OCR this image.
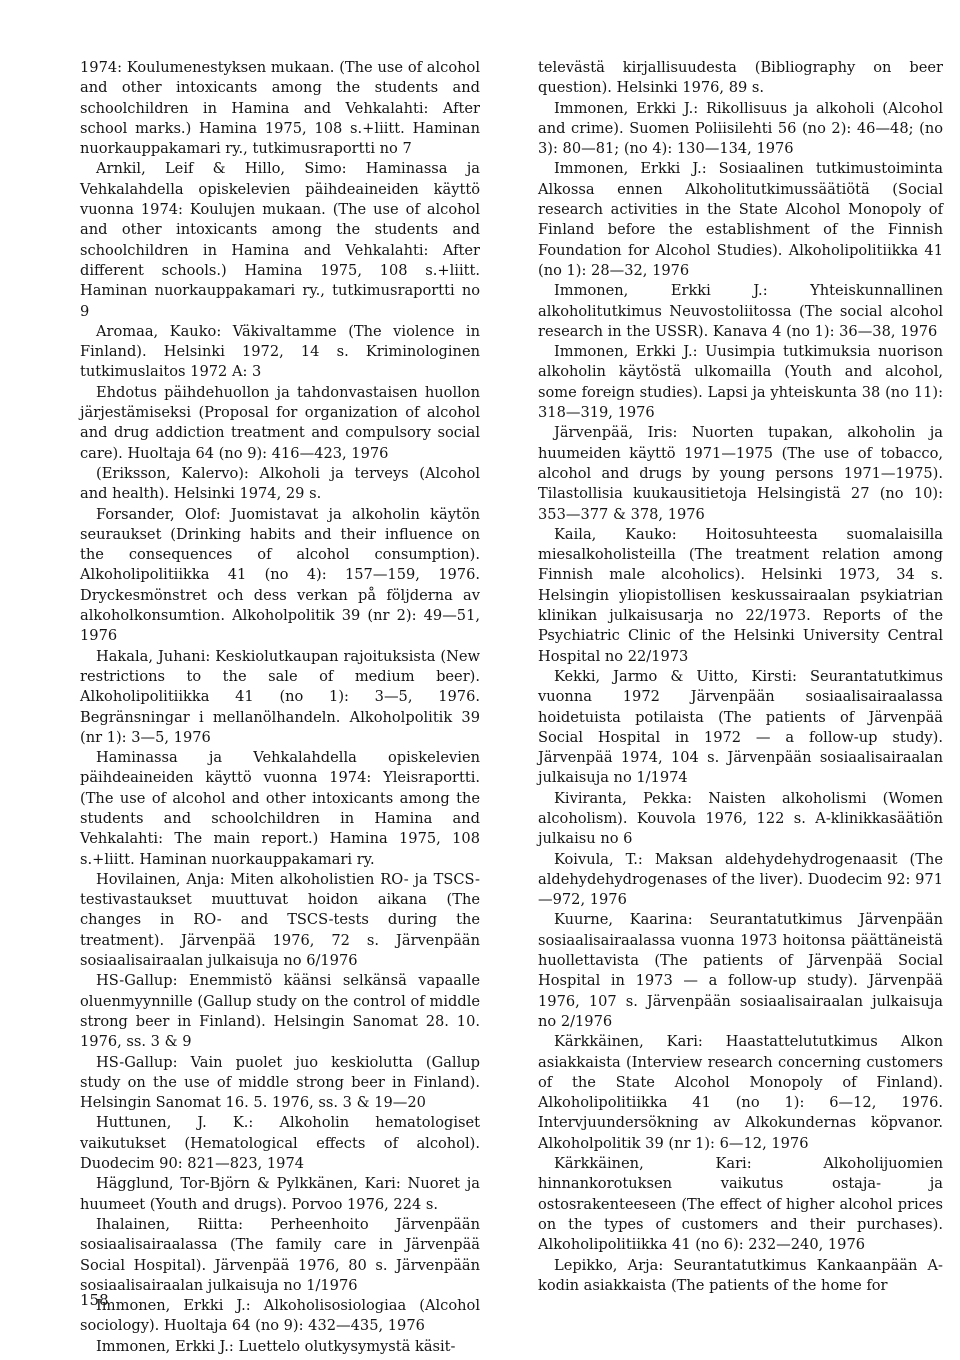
1974: Koulumenestyksen mukaan. (The use of alcohol and other intoxicants among the students and schoolchildren in Hamina and Vehkalahti: After school marks.) Hamina 1975, 108 s.+liitt. Haminan nuorkauppakamari ry., tutkimusraportti no 7

Arnkil, Leif & Hillo, Simo: Haminassa ja Vehkalahdella opiskelevien päihdeaineiden käyttö vuonna 1974: Koulujen mukaan. (The use of alcohol and other intoxicants among the students and schoolchildren in Hamina and Vehkalahti: After different schools.) Hamina 1975, 108 s.+liitt. Haminan nuorkauppakamari ry., tutkimusraportti no 9

Aromaa, Kauko: Väkivaltamme (The violence in Finland). Helsinki 1972, 14 s. Kriminologinen tutkimuslaitos 1972 A: 3

Ehdotus päihdehuollon ja tahdonvastaisen huollon järjestämiseksi (Proposal for organization of alcohol and drug addiction treatment and compulsory social care). Huoltaja 64 (no 9): 416—423, 1976

(Eriksson, Kalervo): Alkoholi ja terveys (Alcohol and health). Helsinki 1974, 29 s.

Forsander, Olof: Juomistavat ja alkoholin käytön seuraukset (Drinking habits and their influence on the consequences of alcohol consumption). Alkoholipolitiikka 41 (no 4): 157—159, 1976. Dryckesmönstret och dess verkan på följderna av alkoholkonsumtion. Alkoholpolitik 39 (nr 2): 49—51, 1976

Hakala, Juhani: Keskiolutkaupan rajoituksista (New restrictions to the sale of medium beer). Alkoholipolitiikka 41 (no 1): 3—5, 1976. Begränsningar i mellanölhandeln. Alkoholpolitik 39 (nr 1): 3—5, 1976

Haminassa ja Vehkalahdella opiskelevien päihdeaineiden käyttö vuonna 1974: Yleisraportti. (The use of alcohol and other intoxicants among the students and schoolchildren in Hamina and Vehkalahti: The main report.) Hamina 1975, 108 s.+liitt. Haminan nuorkauppakamari ry.

Hovilainen, Anja: Miten alkoholistien RO- ja TSCS-testivastaukset muuttuvat hoidon aikana (The changes in RO- and TSCS-tests during the treatment). Järvenpää 1976, 72 s. Järvenpään sosiaalisairaalan julkaisuja no 6/1976

HS-Gallup: Enemmistö käänsi selkänsä vapaalle oluenmyynnille (Gallup study on the control of middle strong beer in Finland). Helsingin Sanomat 28. 10. 1976, ss. 3 & 9

HS-Gallup: Vain puolet juo keskiolutta (Gallup study on the use of middle strong beer in Finland). Helsingin Sanomat 16. 5. 1976, ss. 3 & 19—20

Huttunen, J. K.: Alkoholin hematologiset vaikutukset (Hematological effects of alcohol). Duodecim 90: 821—823, 1974

Hägglund, Tor-Björn & Pylkkänen, Kari: Nuoret ja huumeet (Youth and drugs). Porvoo 1976, 224 s.

Ihalainen, Riitta: Perheenhoito Järvenpään sosiaalisairaalassa (The family care in Järvenpää Social Hospital). Järvenpää 1976, 80 s. Järvenpään sosiaalisairaalan julkaisuja no 1/1976

Immonen, Erkki J.: Alkoholisosiologiaa (Alcohol sociology). Huoltaja 64 (no 9): 432—435, 1976

Immonen, Erkki J.: Luettelo olutkysymystä käsit-

televästä kirjallisuudesta (Bibliography on beer question). Helsinki 1976, 89 s.

Immonen, Erkki J.: Rikollisuus ja alkoholi (Alcohol and crime). Suomen Poliisilehti 56 (no 2): 46—48; (no 3): 80—81; (no 4): 130—134, 1976

Immonen, Erkki J.: Sosiaalinen tutkimustoiminta Alkossa ennen Alkoholitutkimussäätiötä (Social research activities in the State Alcohol Monopoly of Finland before the establishment of the Finnish Foundation for Alcohol Studies). Alkoholipolitiikka 41 (no 1): 28—32, 1976

Immonen, Erkki J.: Yhteiskunnallinen alkoholitutkimus Neuvostoliitossa (The social alcohol research in the USSR). Kanava 4 (no 1): 36—38, 1976

Immonen, Erkki J.: Uusimpia tutkimuksia nuorison alkoholin käytöstä ulkomailla (Youth and alcohol, some foreign studies). Lapsi ja yhteiskunta 38 (no 11): 318—319, 1976

Järvenpää, Iris: Nuorten tupakan, alkoholin ja huumeiden käyttö 1971—1975 (The use of tobacco, alcohol and drugs by young persons 1971—1975). Tilastollisia kuukausitietoja Helsingistä 27 (no 10): 353—377 & 378, 1976

Kaila, Kauko: Hoitosuhteesta suomalaisilla miesalkoholisteilla (The treatment relation among Finnish male alcoholics). Helsinki 1973, 34 s. Helsingin yliopistollisen keskussairaalan psykiatrian klinikan julkaisusarja no 22/1973. Reports of the Psychiatric Clinic of the Helsinki University Central Hospital no 22/1973

Kekki, Jarmo & Uitto, Kirsti: Seurantatutkimus vuonna 1972 Järvenpään sosiaalisairaalassa hoidetuista potilaista (The patients of Järvenpää Social Hospital in 1972 — a follow-up study). Järvenpää 1974, 104 s. Järvenpään sosiaalisairaalan julkaisuja no 1/1974

Kiviranta, Pekka: Naisten alkoholismi (Women alcoholism). Kouvola 1976, 122 s. A-klinikkasäätiön julkaisu no 6

Koivula, T.: Maksan aldehydehydrogenaasit (The aldehydehydrogenases of the liver). Duodecim 92: 971—972, 1976

Kuurne, Kaarina: Seurantatutkimus Järvenpään sosiaalisairaalassa vuonna 1973 hoitonsa päättäneistä huollettavista (The patients of Järvenpää Social Hospital in 1973 — a follow-up study). Järvenpää 1976, 107 s. Järvenpään sosiaalisairaalan julkaisuja no 2/1976

Kärkkäinen, Kari: Haastattelututkimus Alkon asiakkaista (Interview research concerning customers of the State Alcohol Monopoly of Finland). Alkoholipolitiikka 41 (no 1): 6—12, 1976. Intervjuundersökning av Alkokundernas köpvanor. Alkoholpolitik 39 (nr 1): 6—12, 1976

Kärkkäinen, Kari: Alkoholijuomien hinnankorotuksen vaikutus ostaja- ja ostosrakenteeseen (The effect of higher alcohol prices on the types of customers and their purchases). Alkoholipolitiikka 41 (no 6): 232—240, 1976

Lepikko, Arja: Seurantatutkimus Kankaanpään A-kodin asiakkaista (The patients of the home for

158
